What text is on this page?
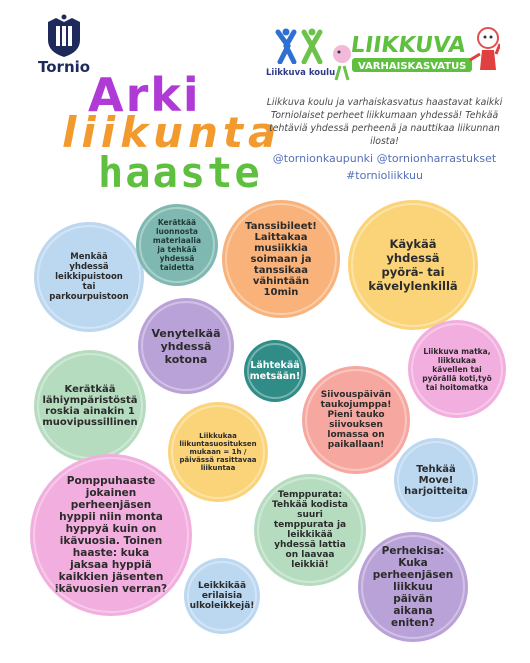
Tornio	Liikkuva koulu
LIIKKUVA
VARHAISKASVATUS
Arki
liikunta
haaste
Liikkuva koulu ja varhaiskasvatus haastavat kaikki Torniolaiset perheet liikkumaan yhdessä! Tehkää tehtäviä yhdessä perheenä ja nauttikaa liikunnan ilosta!
@tornionkaupunki @tornionharrastukset
#tornioliikkuu
Menkää yhdessä leikkipuistoon tai parkourpuistoon
Kerätkää luonnosta materiaalia ja tehkää yhdessä taidetta
Tanssibileet! Laittakaa musiikkia soimaan ja tanssikaa vähintään 10min
Käykää yhdessä pyörä- tai kävelylenkillä
Venytelkää yhdessä kotona	Lähtekää metsään!
Liikkuva matka, liikkukaa kävellen tai pyörällä koti,työ tai hoitomatka
Kerätkää lähiympäristöstä roskia ainakin 1 muovipussillinen
Siivouspäivän taukojumppa! Pieni tauko siivouksen lomassa on paikallaan!
Liikkukaa liikuntasuosituksen mukaan = 1h / päivässä rasittavaa liikuntaa	Tehkää Move! harjoitteita
Pomppuhaaste jokainen perheenjäsen hyppii niin monta hyppyä kuin on ikävuosia. Toinen haaste: kuka jaksaa hyppiä kaikkien jäsenten ikävuosien verran?
Temppurata: Tehkää kodista suuri temppurata ja leikkikää yhdessä lattia on laavaa leikkiä!
Leikkikää erilaisia ulkoleikkejä!
Perhekisa: Kuka perheenjäsen liikkuu päivän aikana eniten?
